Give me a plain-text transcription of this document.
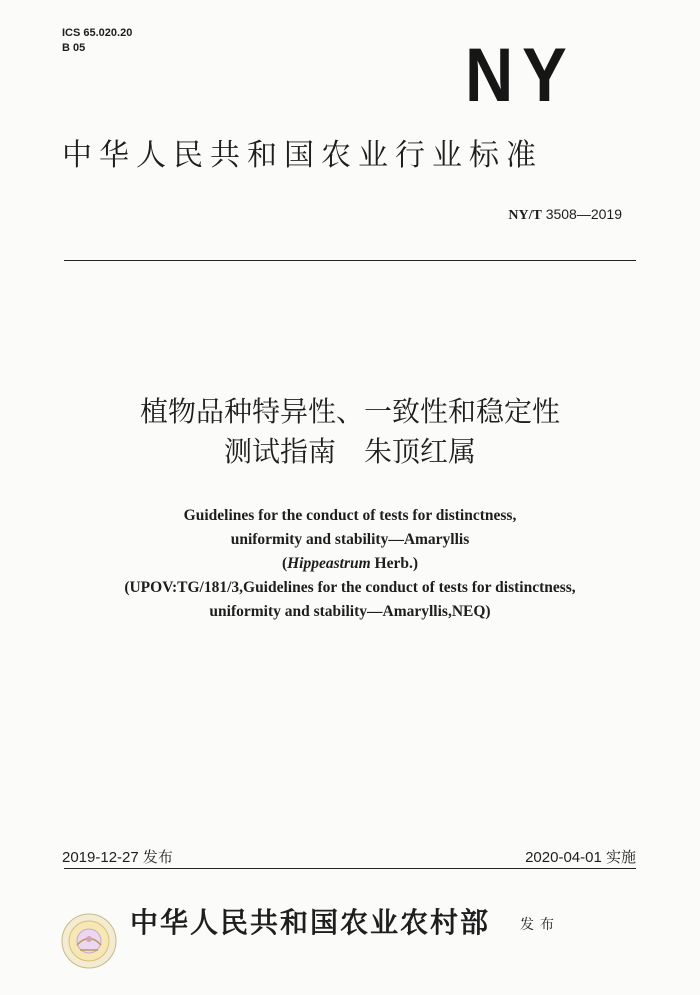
ICS 65.020.20
B 05	NY
中华人民共和国农业行业标准
NY/T 3508—2019
植物品种特异性、一致性和稳定性
测试指南　朱顶红属
Guidelines for the conduct of tests for distinctness,
uniformity and stability—Amaryllis
(Hippeastrum Herb.)
(UPOV:TG/181/3,Guidelines for the conduct of tests for distinctness,
uniformity and stability—Amaryllis,NEQ)
2019-12-27 发布	2020-04-01 实施
中华人民共和国农业农村部 发布
